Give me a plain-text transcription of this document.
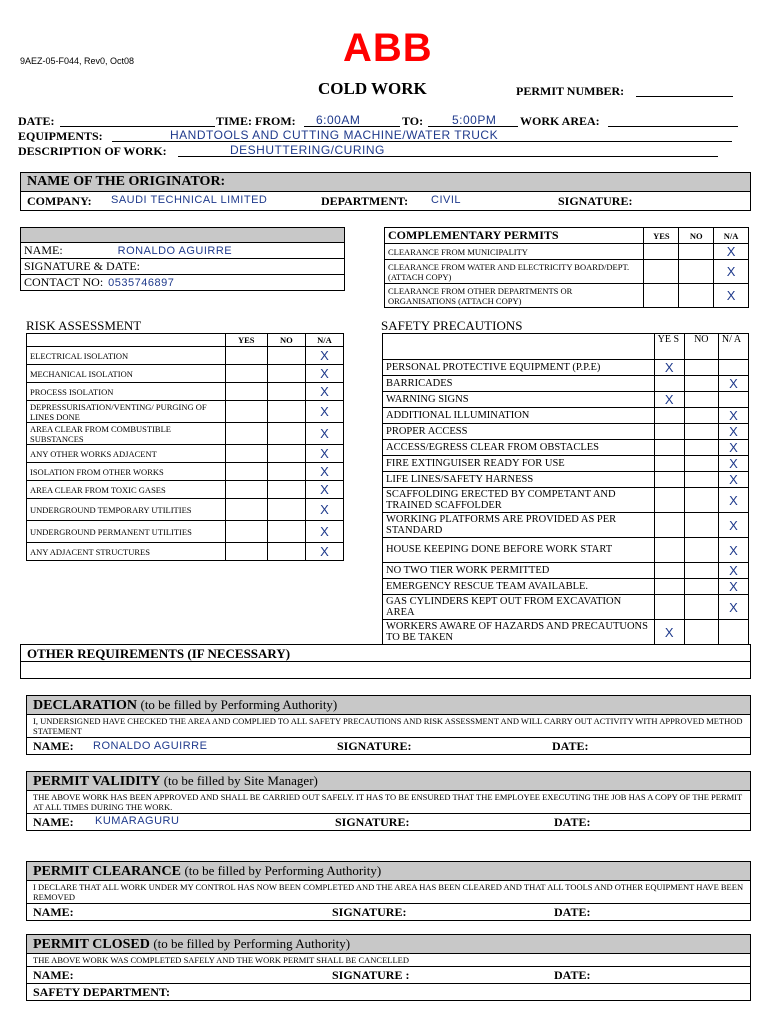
9AEZ-05-F044, Rev0, Oct08	ABB
COLD WORK	PERMIT NUMBER:
DATE:	TIME: FROM: 6:00AM	TO: 5:00PM WORK AREA:
EQUIPMENTS:	HANDTOOLS AND CUTTING MACHINE/WATER TRUCK
DESCRIPTION OF WORK:	DESHUTTERING/CURING
NAME OF THE ORIGINATOR:
COMPANY: SAUDI TECHNICAL LIMITED	DEPARTMENT: CIVIL	SIGNATURE:
NAME:	RONALDO AGUIRRE
SIGNATURE & DATE:
CONTACT NO: 0535746897
COMPLEMENTARY PERMITS	YES	NO	N/A
CLEARANCE FROM MUNICIPALITY			X
CLEARANCE FROM WATER AND ELECTRICITY BOARD/DEPT. (ATTACH COPY)			X
CLEARANCE FROM OTHER DEPARTMENTS OR ORGANISATIONS (ATTACH COPY)			X
RISK ASSESSMENT
	YES	NO	N/A
ELECTRICAL ISOLATION			X
MECHANICAL ISOLATION			X
PROCESS ISOLATION			X
DEPRESSURISATION/VENTING/ PURGING OF LINES DONE			X
AREA CLEAR FROM COMBUSTIBLE SUBSTANCES			X
ANY OTHER WORKS ADJACENT			X
ISOLATION FROM OTHER WORKS			X
AREA CLEAR FROM TOXIC GASES			X
UNDERGROUND TEMPORARY UTILITIES			X
UNDERGROUND PERMANENT UTILITIES			X
ANY ADJACENT STRUCTURES			X
SAFETY PRECAUTIONS
	YE S	NO	N/ A
PERSONAL PROTECTIVE EQUIPMENT (P.P.E)	X		
BARRICADES			X
WARNING SIGNS	X		
ADDITIONAL ILLUMINATION			X
PROPER ACCESS			X
ACCESS/EGRESS CLEAR FROM OBSTACLES			X
FIRE EXTINGUISER READY FOR USE			X
LIFE LINES/SAFETY HARNESS			X
SCAFFOLDING ERECTED BY COMPETANT AND TRAINED SCAFFOLDER			X
WORKING PLATFORMS ARE PROVIDED AS PER STANDARD			X
HOUSE KEEPING DONE BEFORE WORK START			X
NO TWO TIER WORK PERMITTED			X
EMERGENCY RESCUE TEAM AVAILABLE.			X
GAS CYLINDERS KEPT OUT FROM EXCAVATION AREA			X
WORKERS AWARE OF HAZARDS AND PRECAUTUONS TO BE TAKEN	X		
OTHER REQUIREMENTS (IF NECESSARY)
DECLARATION (to be filled by Performing Authority)
I, UNDERSIGNED HAVE CHECKED THE AREA AND COMPLIED TO ALL SAFETY PRECAUTIONS AND RISK ASSESSMENT AND WILL CARRY OUT ACTIVITY WITH APPROVED METHOD STATEMENT
NAME: RONALDO AGUIRRE	SIGNATURE:	DATE:
PERMIT VALIDITY (to be filled by Site Manager)
THE ABOVE WORK HAS BEEN APPROVED AND SHALL BE CARRIED OUT SAFELY. IT HAS TO BE ENSURED THAT THE EMPLOYEE EXECUTING THE JOB HAS A COPY OF THE PERMIT AT ALL TIMES DURING THE WORK.
NAME: KUMARAGURU	SIGNATURE:	DATE:
PERMIT CLEARANCE (to be filled by Performing Authority)
I DECLARE THAT ALL WORK UNDER MY CONTROL HAS NOW BEEN COMPLETED AND THE AREA HAS BEEN CLEARED AND THAT ALL TOOLS AND OTHER EQUIPMENT HAVE BEEN REMOVED
NAME:	SIGNATURE:	DATE:
PERMIT CLOSED (to be filled by Performing Authority)
THE ABOVE WORK WAS COMPLETED SAFELY AND THE WORK PERMIT SHALL BE CANCELLED
NAME:	SIGNATURE :	DATE:
SAFETY DEPARTMENT:
